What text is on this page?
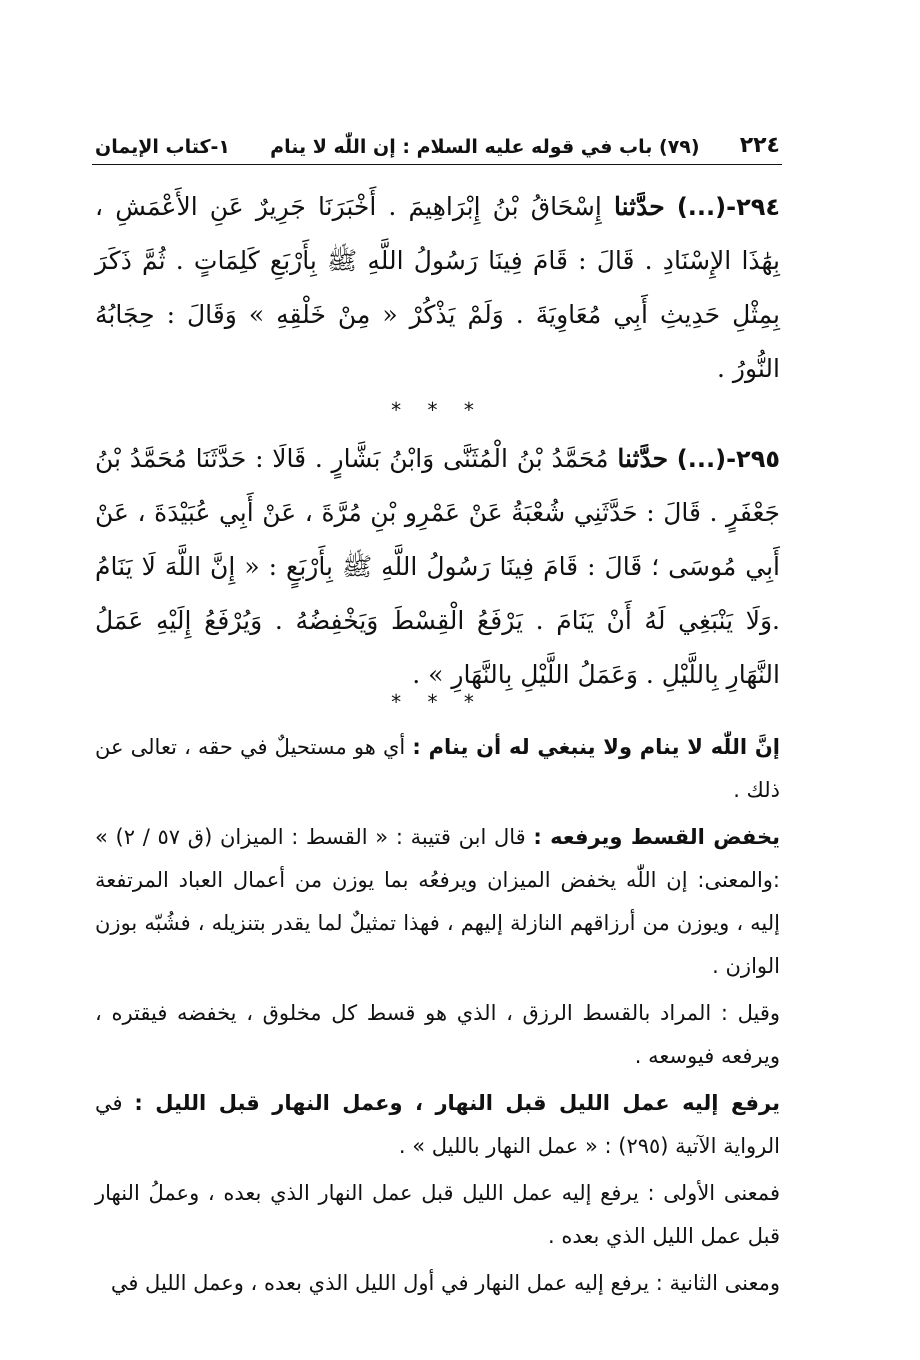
٢٢٤
(٧٩) باب في قوله عليه السلام : إن اللّٰه لا ينام
١-كتاب الإيمان
٢٩٤-(...) حدَّثنا إِسْحَاقُ بْنُ إِبْرَاهِيمَ . أَخْبَرَنَا جَرِيرٌ عَنِ الأَعْمَشِ ، بِهَٰذَا الإِسْنَادِ . قَالَ : قَامَ فِينَا رَسُولُ اللَّهِ ﷺ بِأَرْبَعِ كَلِمَاتٍ . ثُمَّ ذَكَرَ بِمِثْلِ حَدِيثِ أَبِي مُعَاوِيَةَ . وَلَمْ يَذْكُرْ « مِنْ خَلْقِهِ » وَقَالَ : حِجَابُهُ النُّورُ .
* * *
٢٩٥-(...) حدَّثنا مُحَمَّدُ بْنُ الْمُثَنَّى وَابْنُ بَشَّارٍ . قَالَا : حَدَّثَنَا مُحَمَّدُ بْنُ جَعْفَرٍ . قَالَ : حَدَّثَنِي شُعْبَةُ عَنْ عَمْرِو بْنِ مُرَّةَ ، عَنْ أَبِي عُبَيْدَةَ ، عَنْ أَبِي مُوسَى ؛ قَالَ : قَامَ فِينَا رَسُولُ اللَّهِ ﷺ بِأَرْبَعٍ : « إِنَّ اللَّهَ لَا يَنَامُ .وَلَا يَنْبَغِي لَهُ أَنْ يَنَامَ . يَرْفَعُ الْقِسْطَ وَيَخْفِضُهُ . وَيُرْفَعُ إِلَيْهِ عَمَلُ النَّهَارِ بِاللَّيْلِ . وَعَمَلُ اللَّيْلِ بِالنَّهَارِ » .
* * *

إنَّ اللّٰه لا ينام ولا ينبغي له أن ينام : أي هو مستحيلٌ في حقه ، تعالى عن ذلك .

يخفض القسط ويرفعه : قال ابن قتيبة : « القسط : الميزان (ق ٥٧ / ٢) » :والمعنى: إن اللّٰه يخفض الميزان ويرفعُه بما يوزن من أعمال العباد المرتفعة إليه ، ويوزن من أرزاقهم النازلة إليهم ، فهذا تمثيلٌ لما يقدر بتنزيله ، فشُبّه بوزن الوازن .

وقيل : المراد بالقسط الرزق ، الذي هو قسط كل مخلوق ، يخفضه فيقتره ، ويرفعه فيوسعه .

يرفع إليه عمل الليل قبل النهار ، وعمل النهار قبل الليل : في الرواية الآتية (٢٩٥) : « عمل النهار بالليل » .

فمعنى الأولى : يرفع إليه عمل الليل قبل عمل النهار الذي بعده ، وعملُ النهار قبل عمل الليل الذي بعده .

ومعنى الثانية : يرفع إليه عمل النهار في أول الليل الذي بعده ، وعمل الليل في
